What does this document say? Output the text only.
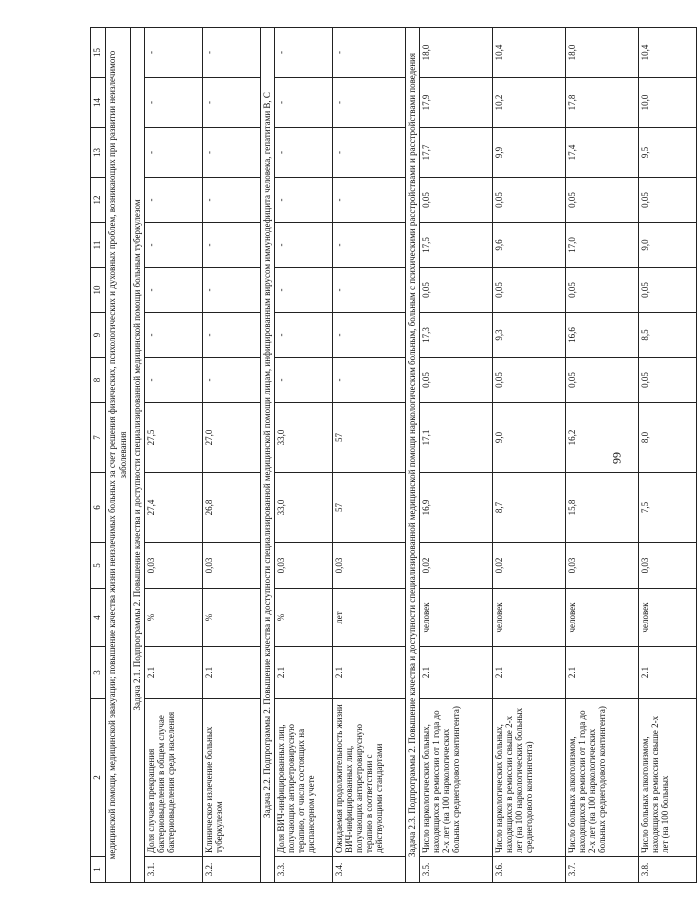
66
1	2	3	4	5	6	7	8	9	10	11	12	13	14	15
медицинской помощи, медицинской эвакуации; повышение качества жизни неизлечимых больных за счет решения физических, психологических и духовных проблем, возникающих при развитии неизлечимого заболевания														
Задача 2.1. Подпрограммы 2. Повышение качества и доступности специализированной медицинской помощи больным туберкулезом														
3.1.	Доля случаев прекращения бактериовыделения в общем случае бактериовыделения среди населения	2.1	%	0,03	27,4	27,5	-	-	-	-	-	-	-	-
3.2.	Клиническое излечение больных туберкулезом	2.1	%	0,03	26,8	27,0	-	-	-	-	-	-	-	-
Задача 2.2. Подпрограммы 2. Повышение качества и доступности специализированной медицинской помощи лицам, инфицированным вирусом иммунодефицита человека, гепатитами B, C														
3.3.	Доля ВИЧ-инфицированных лиц, получающих антиретровирусную терапию, от числа состоящих на диспансерном учете	2.1	%	0,03	33,0	33,0	-	-	-	-	-	-	-	-
3.4.	Ожидаемая продолжительность жизни ВИЧ-инфицированных лиц, получающих антиретровирусную терапию в соответствии с действующими стандартами	2.1	лет	0,03	57	57	-	-	-	-	-	-	-	-
Задача 2.3. Подпрограммы 2. Повышение качества и доступности специализированной медицинской помощи наркологическим больным, больным с психическими расстройствами и расстройствами поведения														
3.5.	Число наркологических больных, находящихся в ремиссии от 1 года до 2-х лет (на 100 наркологических больных среднегодового контингента)	2.1	человек	0,02	16,9	17,1	0,05	17,3	0,05	17,5	0,05	17,7	17,9	18,0
3.6.	Число наркологических больных, находящихся в ремиссии свыше 2-х лет (на 100 наркологических больных среднегодового контингента)	2.1	человек	0,02	8,7	9,0	0,05	9,3	0,05	9,6	0,05	9,9	10,2	10,4
3.7.	Число больных алкоголизмом, находящихся в ремиссии от 1 года до 2-х лет (на 100 наркологических больных среднегодового контингента)	2.1	человек	0,03	15,8	16,2	0,05	16,6	0,05	17,0	0,05	17,4	17,8	18,0
3.8.	Число больных алкоголизмом, находящихся в ремиссии свыше 2-х лет (на 100 больных	2.1	человек	0,03	7,5	8,0	0,05	8,5	0,05	9,0	0,05	9,5	10,0	10,4
